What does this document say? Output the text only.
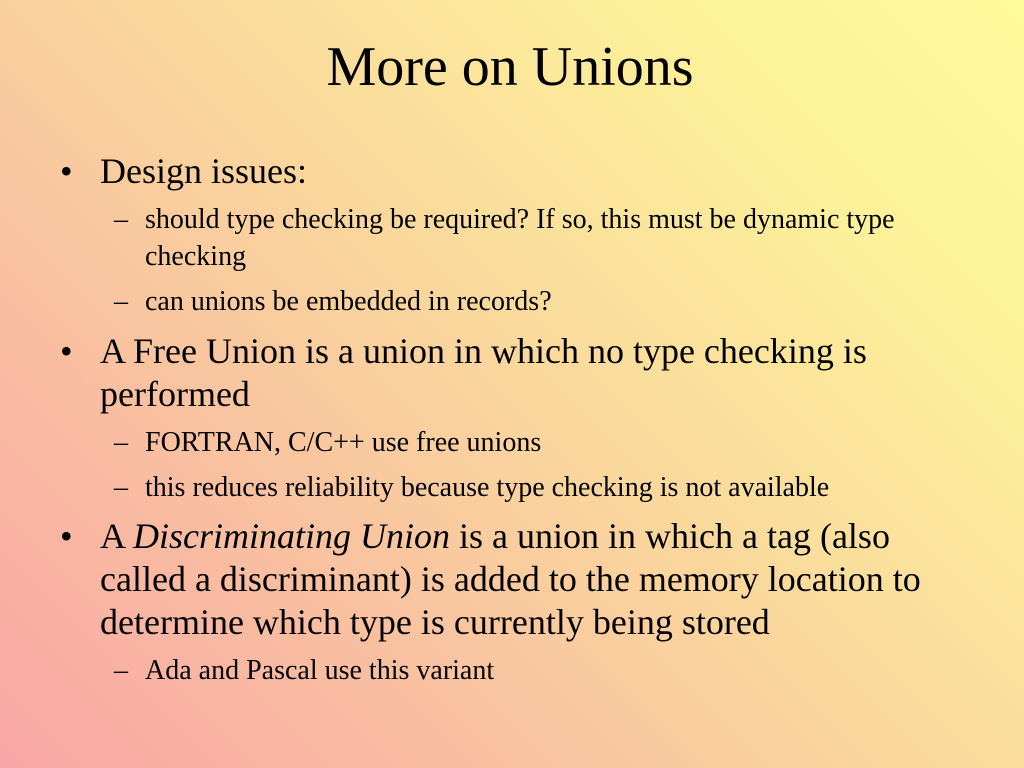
More on Unions
• Design issues:
– should type checking be required? If so, this must be dynamic type checking
– can unions be embedded in records?
• A Free Union is a union in which no type checking is performed
– FORTRAN, C/C++ use free unions
– this reduces reliability because type checking is not available
• A Discriminating Union is a union in which a tag (also called a discriminant) is added to the memory location to determine which type is currently being stored
– Ada and Pascal use this variant
